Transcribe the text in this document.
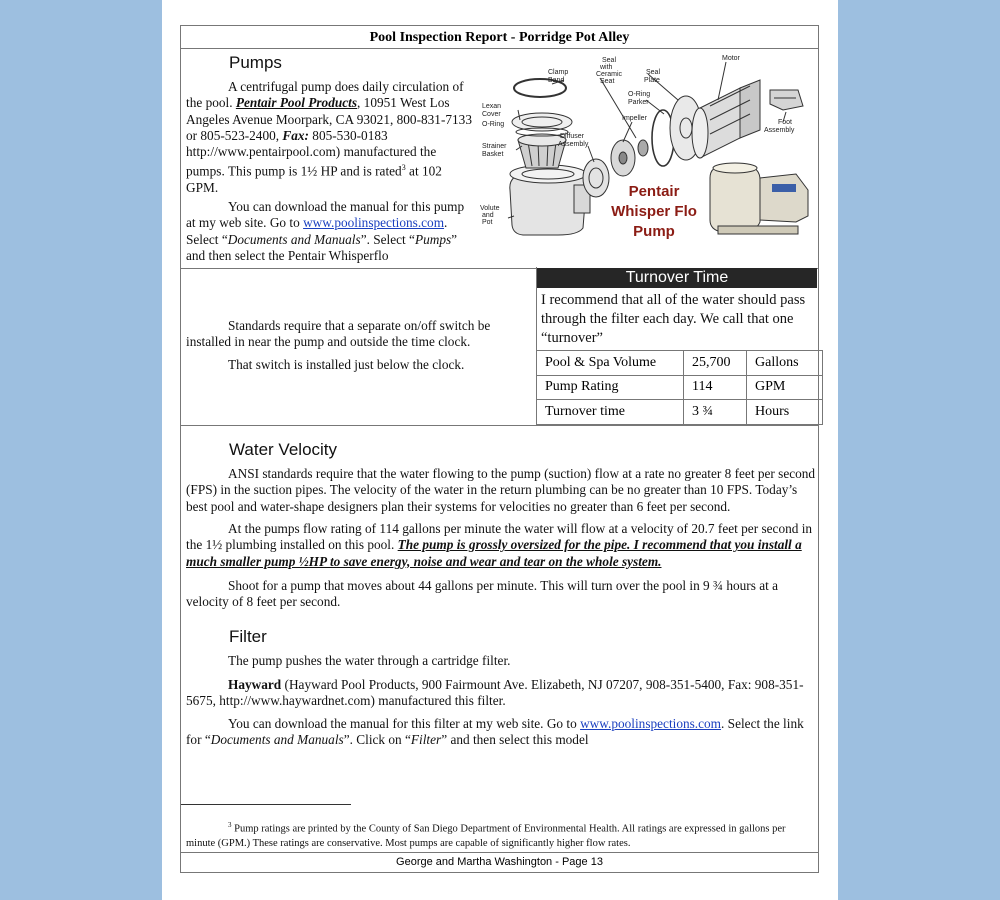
Pool Inspection Report - Porridge Pot Alley
Pumps
A centrifugal pump does daily circulation of the pool. Pentair Pool Products, 10951 West Los Angeles Avenue Moorpark, CA 93021, 800-831-7133 or 805-523-2400, Fax: 805-530-0183 http://www.pentairpool.com) manufactured the pumps. This pump is 1½ HP and is rated$^3$ at 102 GPM.
You can download the manual for this pump at my web site. Go to www.poolinspections.com. Select “Documents and Manuals”. Select “Pumps” and then select the Pentair Whisperflo
Clamp Band
Seal with Ceramic Seat
Seal Plate
Motor
Lexan Cover O-Ring
O-Ring Parker
Impeller
Foot Assembly
Diffuser Assembly
Strainer Basket
Volute and Pot
Pentair
Whisper Flo
Pump
Standards require that a separate on/off switch be installed in near the pump and outside the time clock.
That switch is installed just below the clock.
Turnover Time
I recommend that all of the water should pass through the filter each day. We call that one “turnover”
Pool & Spa Volume	25,700	Gallons
Pump Rating	114	GPM
Turnover time	3 ¾	Hours
Water Velocity
ANSI standards require that the water flowing to the pump (suction) flow at a rate no greater 8 feet per second (FPS) in the suction pipes. The velocity of the water in the return plumbing can be no greater than 10 FPS. Today’s best pool and water-shape designers plan their systems for velocities no greater than 6 feet per second.
At the pumps flow rating of 114 gallons per minute the water will flow at a velocity of 20.7 feet per second in the 1½ plumbing installed on this pool. The pump is grossly oversized for the pipe. I recommend that you install a much smaller pump ½HP to save energy, noise and wear and tear on the whole system.
Shoot for a pump that moves about 44 gallons per minute. This will turn over the pool in 9 ¾ hours at a velocity of 8 feet per second.
Filter
The pump pushes the water through a cartridge filter.
Hayward (Hayward Pool Products, 900 Fairmount Ave. Elizabeth, NJ 07207, 908-351-5400, Fax: 908-351-5675, http://www.haywardnet.com) manufactured this filter.
You can download the manual for this filter at my web site. Go to www.poolinspections.com. Select the link for “Documents and Manuals”. Click on “Filter” and then select this model
$^3$ Pump ratings are printed by the County of San Diego Department of Environmental Health. All ratings are expressed in gallons per minute (GPM.) These ratings are conservative. Most pumps are capable of significantly higher flow rates.
George and Martha Washington - Page 13
